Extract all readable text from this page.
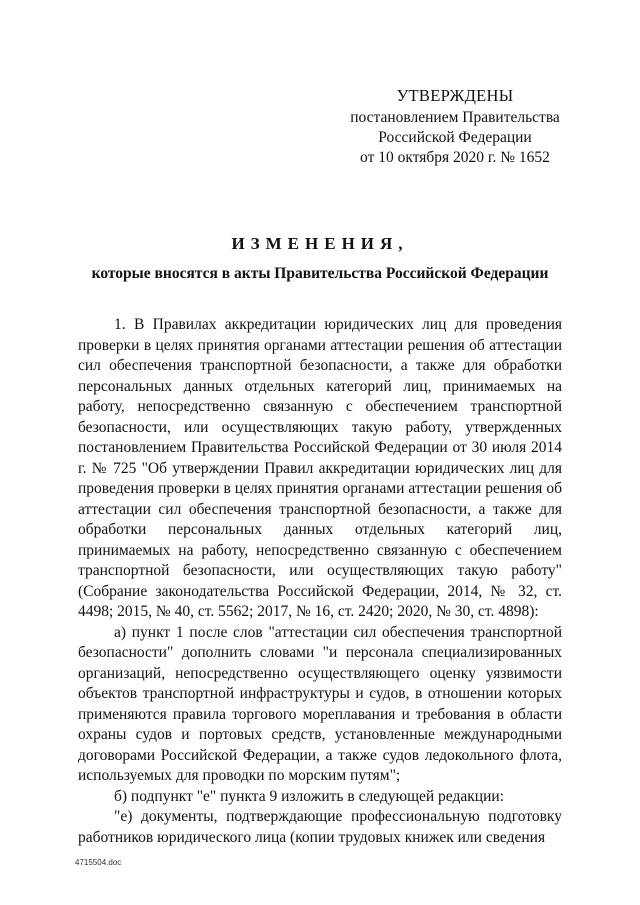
УТВЕРЖДЕНЫ
постановлением Правительства
Российской Федерации
от 10 октября 2020 г. № 1652
ИЗМЕНЕНИЯ,
которые вносятся в акты Правительства Российской Федерации

1. В Правилах аккредитации юридических лиц для проведения проверки в целях принятия органами аттестации решения об аттестации сил обеспечения транспортной безопасности, а также для обработки персональных данных отдельных категорий лиц, принимаемых на работу, непосредственно связанную с обеспечением транспортной безопасности, или осуществляющих такую работу, утвержденных постановлением Правительства Российской Федерации от 30 июля 2014 г. № 725 "Об утверждении Правил аккредитации юридических лиц для проведения проверки в целях принятия органами аттестации решения об аттестации сил обеспечения транспортной безопасности, а также для обработки персональных данных отдельных категорий лиц, принимаемых на работу, непосредственно связанную с обеспечением транспортной безопасности, или осуществляющих такую работу" (Собрание законодательства Российской Федерации, 2014, № 32, ст. 4498; 2015, № 40, ст. 5562; 2017, № 16, ст. 2420; 2020, № 30, ст. 4898):

а) пункт 1 после слов "аттестации сил обеспечения транспортной безопасности" дополнить словами "и персонала специализированных организаций, непосредственно осуществляющего оценку уязвимости объектов транспортной инфраструктуры и судов, в отношении которых применяются правила торгового мореплавания и требования в области охраны судов и портовых средств, установленные международными договорами Российской Федерации, а также судов ледокольного флота, используемых для проводки по морским путям";

б) подпункт "е" пункта 9 изложить в следующей редакции:

"е) документы, подтверждающие профессиональную подготовку работников юридического лица (копии трудовых книжек или сведения

4715504.doc
